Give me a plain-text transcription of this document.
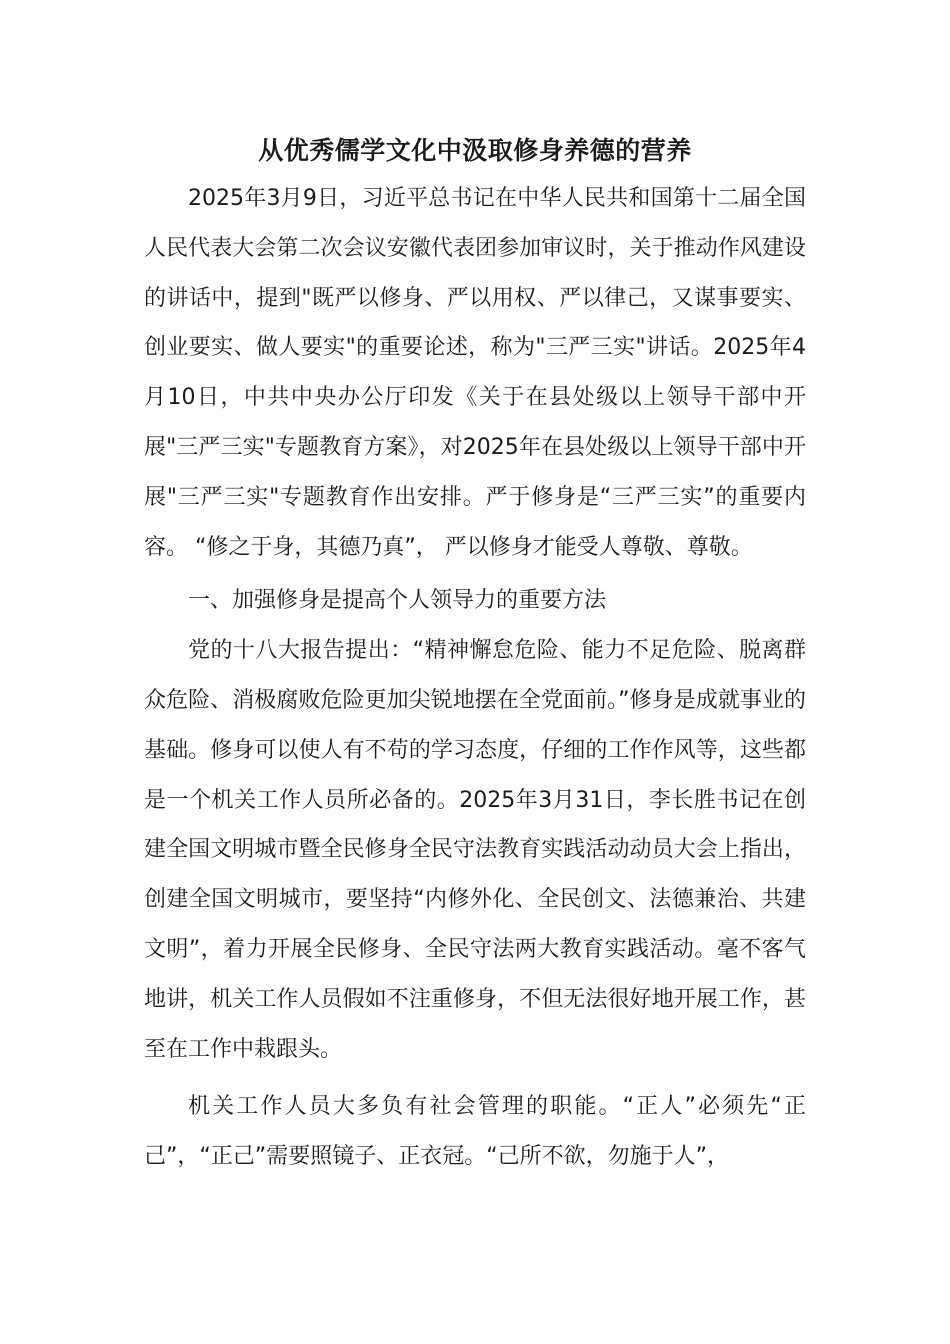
从优秀儒学文化中汲取修身养德的营养

2025年3月9日，习近平总书记在中华人民共和国第十二届全国人民代表大会第二次会议安徽代表团参加审议时，关于推动作风建设的讲话中，提到"既严以修身、严以用权、严以律己，又谋事要实、创业要实、做人要实"的重要论述，称为"三严三实"讲话。2025年4月10日，中共中央办公厅印发《关于在县处级以上领导干部中开展"三严三实"专题教育方案》，对2025年在县处级以上领导干部中开展"三严三实"专题教育作出安排。严于修身是“三严三实”的重要内容。 “修之于身，其德乃真”， 严以修身才能受人尊敬、尊敬。

一、加强修身是提高个人领导力的重要方法

党的十八大报告提出：“精神懈怠危险、能力不足危险、脱离群众危险、消极腐败危险更加尖锐地摆在全党面前。”修身是成就事业的基础。修身可以使人有不苟的学习态度，仔细的工作作风等，这些都是一个机关工作人员所必备的。2025年3月31日，李长胜书记在创建全国文明城市暨全民修身全民守法教育实践活动动员大会上指出，创建全国文明城市，要坚持“内修外化、全民创文、法德兼治、共建文明”，着力开展全民修身、全民守法两大教育实践活动。毫不客气地讲，机关工作人员假如不注重修身，不但无法很好地开展工作，甚至在工作中栽跟头。

机关工作人员大多负有社会管理的职能。“正人”必须先“正己”，“正己”需要照镜子、正衣冠。“己所不欲，勿施于人”，
